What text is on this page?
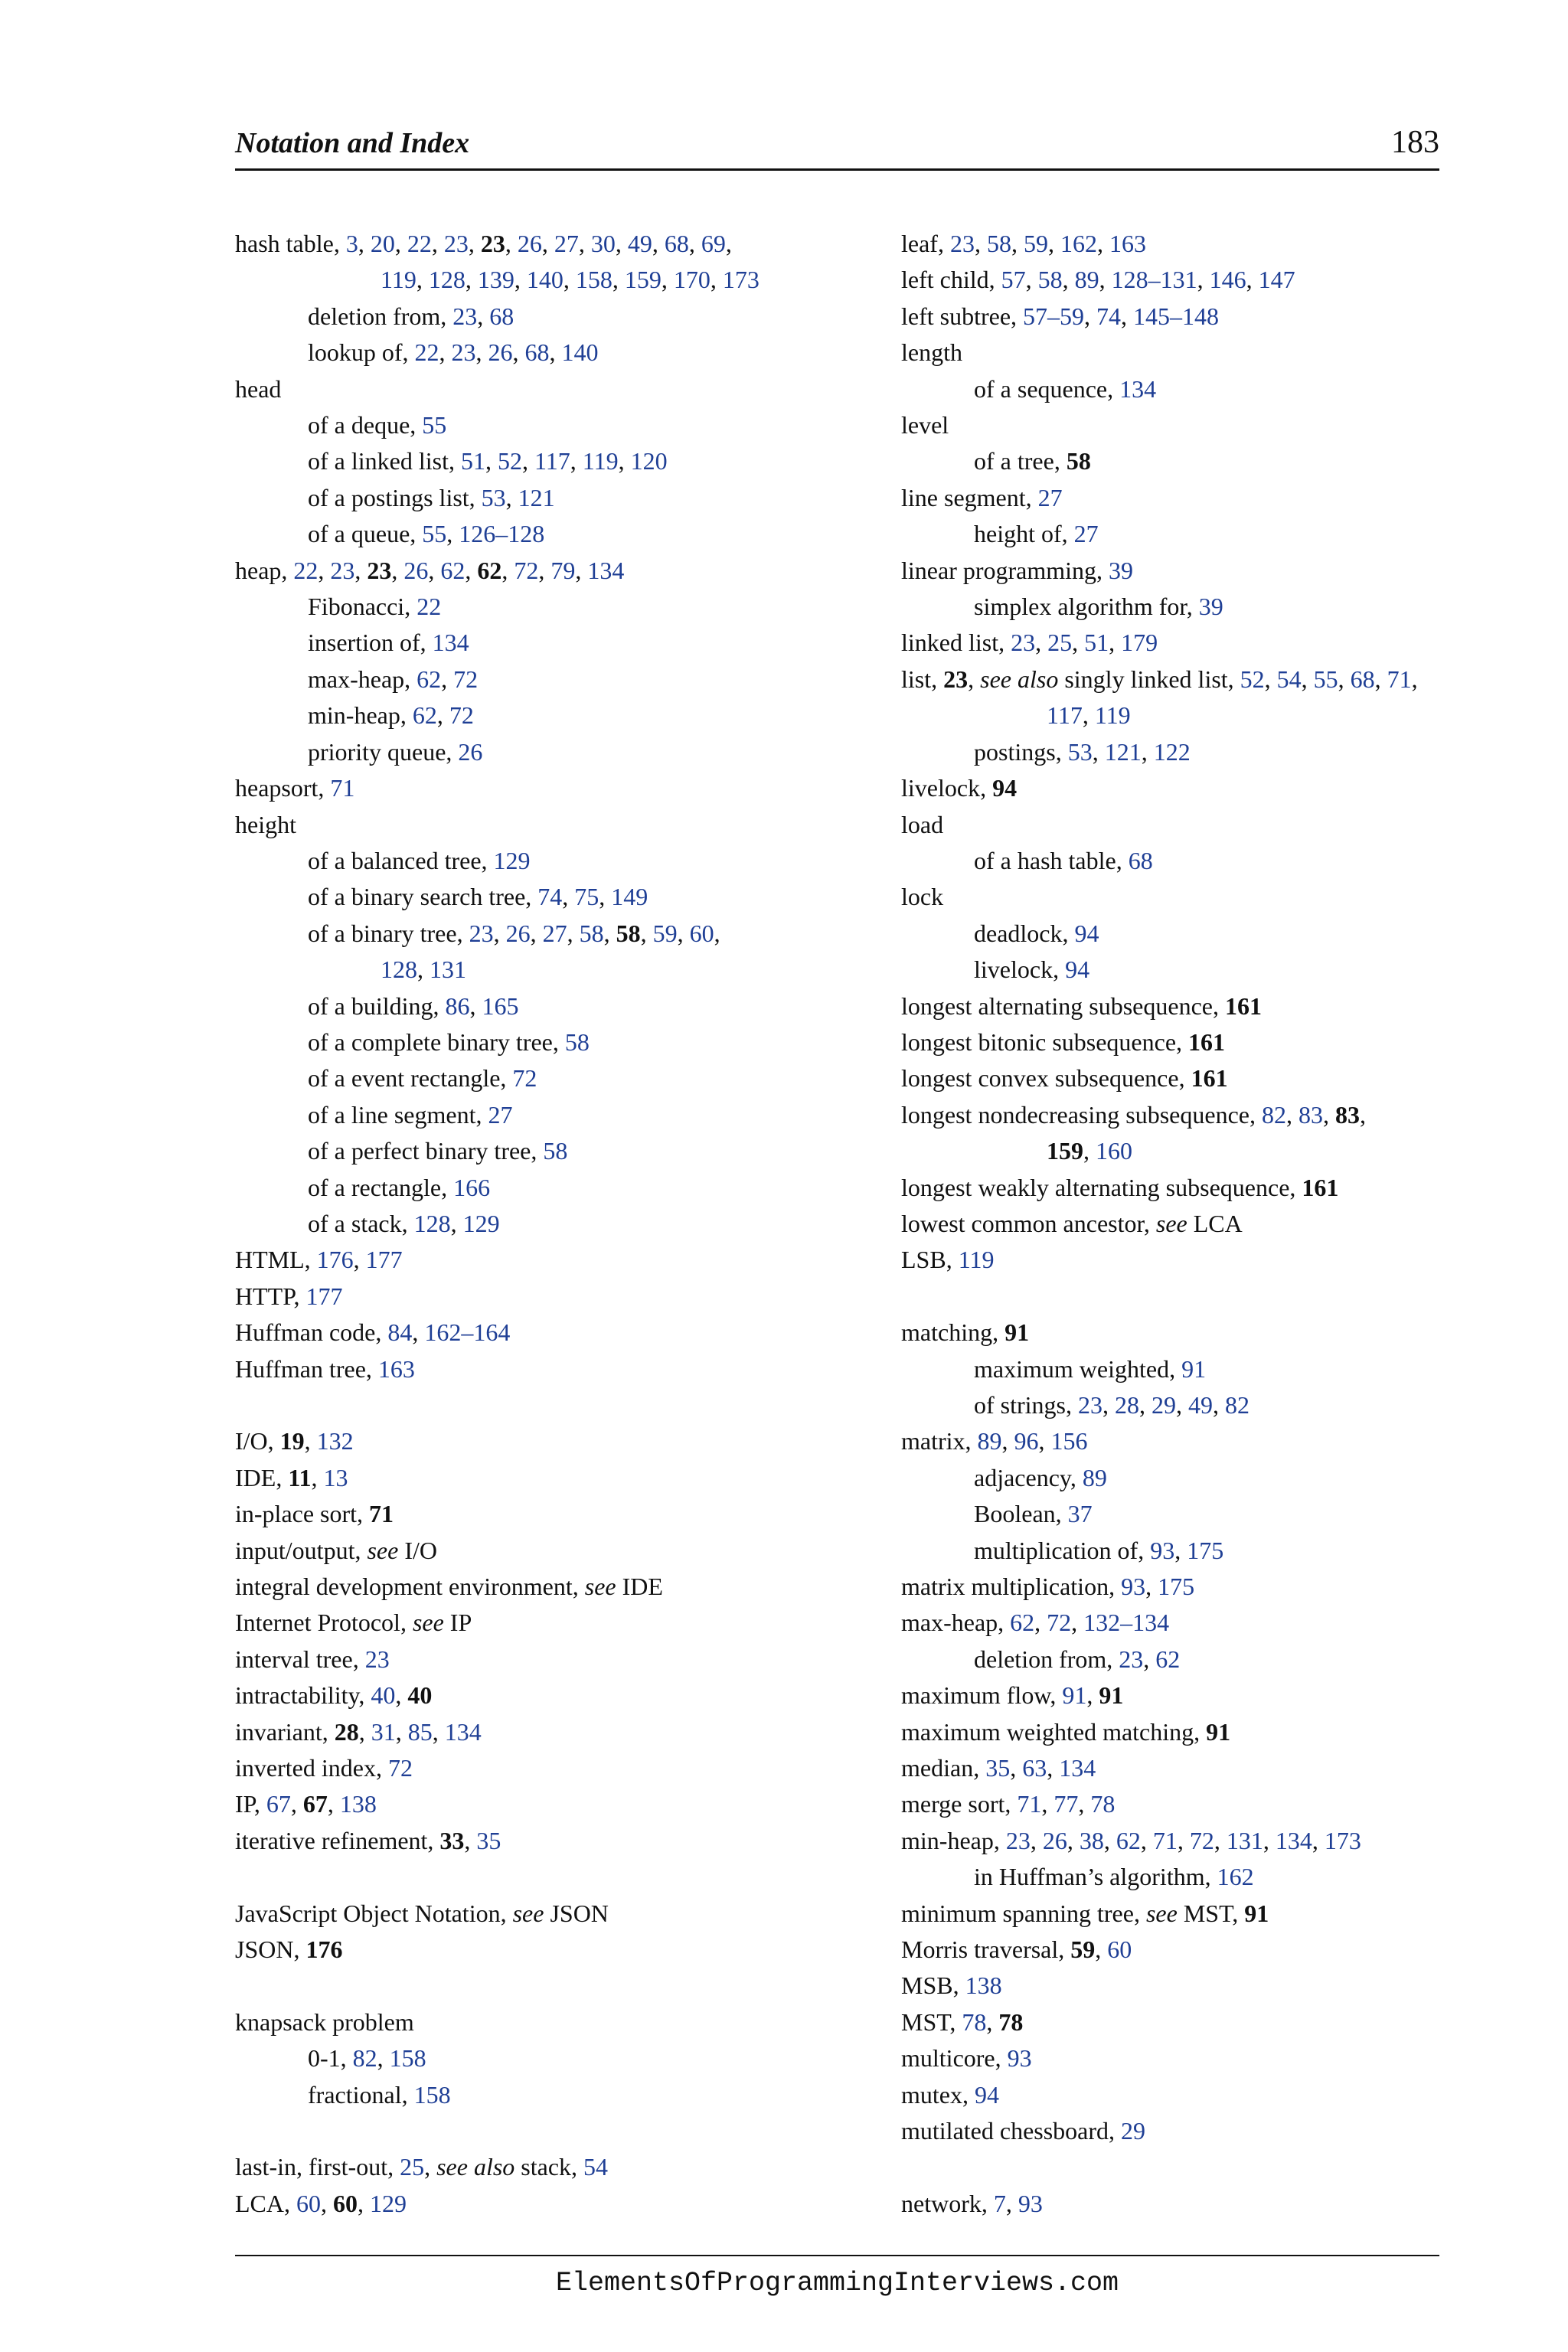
Notation and Index	183
hash table, 3, 20, 22, 23, 23, 26, 27, 30, 49, 68, 69,
119, 128, 139, 140, 158, 159, 170, 173
deletion from, 23, 68
lookup of, 22, 23, 26, 68, 140
head
of a deque, 55
of a linked list, 51, 52, 117, 119, 120
of a postings list, 53, 121
of a queue, 55, 126–128
heap, 22, 23, 23, 26, 62, 62, 72, 79, 134
Fibonacci, 22
insertion of, 134
max-heap, 62, 72
min-heap, 62, 72
priority queue, 26
heapsort, 71
height
of a balanced tree, 129
of a binary search tree, 74, 75, 149
of a binary tree, 23, 26, 27, 58, 58, 59, 60,
128, 131
of a building, 86, 165
of a complete binary tree, 58
of a event rectangle, 72
of a line segment, 27
of a perfect binary tree, 58
of a rectangle, 166
of a stack, 128, 129
HTML, 176, 177
HTTP, 177
Huffman code, 84, 162–164
Huffman tree, 163
I/O, 19, 132
IDE, 11, 13
in-place sort, 71
input/output, see I/O
integral development environment, see IDE
Internet Protocol, see IP
interval tree, 23
intractability, 40, 40
invariant, 28, 31, 85, 134
inverted index, 72
IP, 67, 67, 138
iterative refinement, 33, 35
JavaScript Object Notation, see JSON
JSON, 176
knapsack problem
0-1, 82, 158
fractional, 158
last-in, first-out, 25, see also stack, 54
LCA, 60, 60, 129
leaf, 23, 58, 59, 162, 163
left child, 57, 58, 89, 128–131, 146, 147
left subtree, 57–59, 74, 145–148
length
of a sequence, 134
level
of a tree, 58
line segment, 27
height of, 27
linear programming, 39
simplex algorithm for, 39
linked list, 23, 25, 51, 179
list, 23, see also singly linked list, 52, 54, 55, 68, 71,
117, 119
postings, 53, 121, 122
livelock, 94
load
of a hash table, 68
lock
deadlock, 94
livelock, 94
longest alternating subsequence, 161
longest bitonic subsequence, 161
longest convex subsequence, 161
longest nondecreasing subsequence, 82, 83, 83,
159, 160
longest weakly alternating subsequence, 161
lowest common ancestor, see LCA
LSB, 119
matching, 91
maximum weighted, 91
of strings, 23, 28, 29, 49, 82
matrix, 89, 96, 156
adjacency, 89
Boolean, 37
multiplication of, 93, 175
matrix multiplication, 93, 175
max-heap, 62, 72, 132–134
deletion from, 23, 62
maximum flow, 91, 91
maximum weighted matching, 91
median, 35, 63, 134
merge sort, 71, 77, 78
min-heap, 23, 26, 38, 62, 71, 72, 131, 134, 173
in Huffman’s algorithm, 162
minimum spanning tree, see MST, 91
Morris traversal, 59, 60
MSB, 138
MST, 78, 78
multicore, 93
mutex, 94
mutilated chessboard, 29
network, 7, 93
ElementsOfProgrammingInterviews.com
